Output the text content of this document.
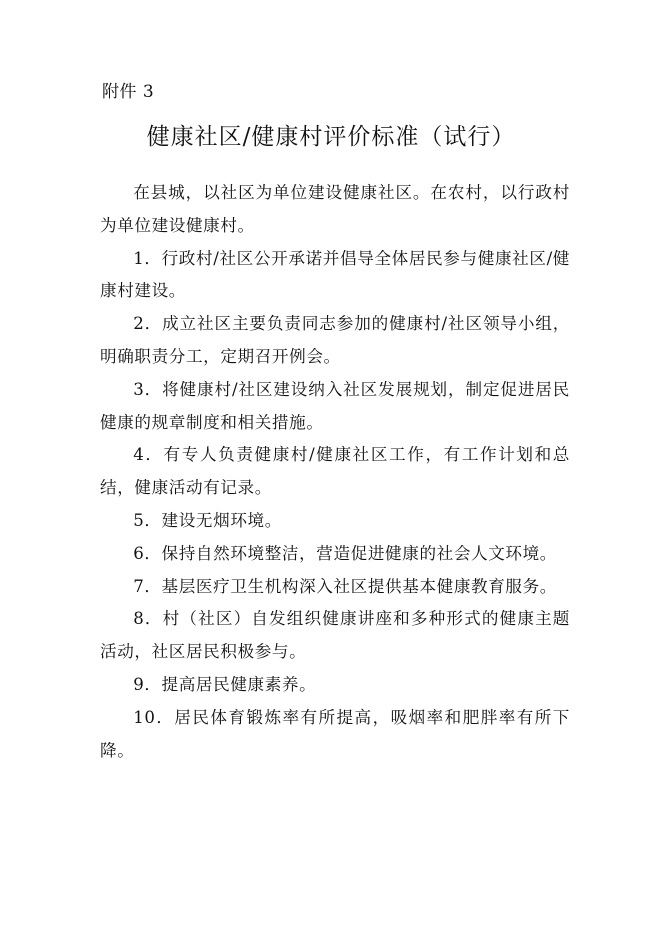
附件 3
健康社区/健康村评价标准（试行）

在县城，以社区为单位建设健康社区。在农村，以行政村为单位建设健康村。

1．行政村/社区公开承诺并倡导全体居民参与健康社区/健康村建设。

2．成立社区主要负责同志参加的健康村/社区领导小组，明确职责分工，定期召开例会。

3．将健康村/社区建设纳入社区发展规划，制定促进居民健康的规章制度和相关措施。

4．有专人负责健康村/健康社区工作，有工作计划和总结，健康活动有记录。

5．建设无烟环境。

6．保持自然环境整洁，营造促进健康的社会人文环境。

7．基层医疗卫生机构深入社区提供基本健康教育服务。

8．村（社区）自发组织健康讲座和多种形式的健康主题活动，社区居民积极参与。

9．提高居民健康素养。

10．居民体育锻炼率有所提高，吸烟率和肥胖率有所下降。
